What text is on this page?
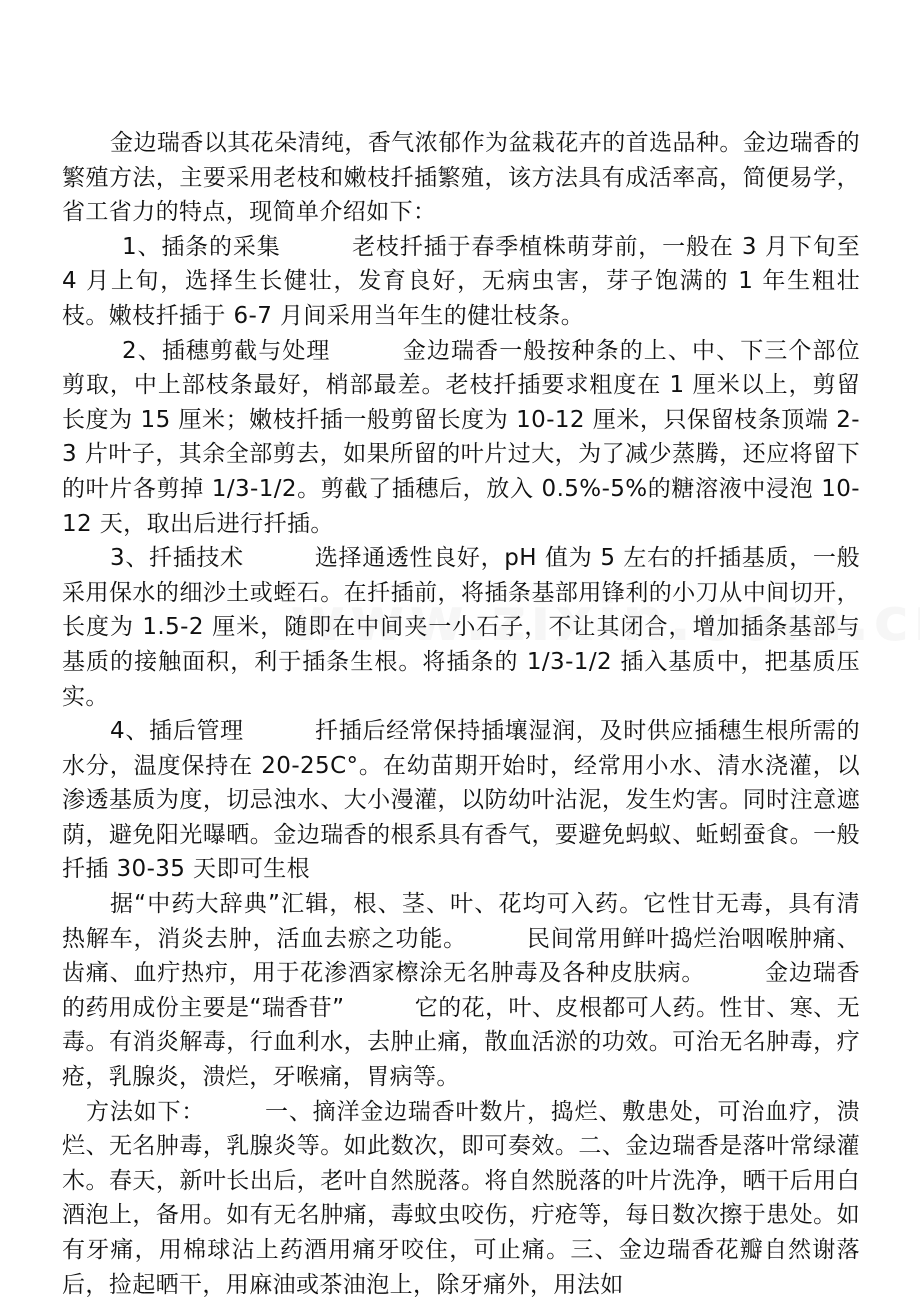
金边瑞香以其花朵清纯，香气浓郁作为盆栽花卉的首选品种。金边瑞香的繁殖方法，主要采用老枝和嫩枝扦插繁殖，该方法具有成活率高，简便易学，省工省力的特点，现简单介绍如下：

1、插条的采集　　　老枝扦插于春季植株萌芽前，一般在 3 月下旬至 4 月上旬，选择生长健壮，发育良好，无病虫害，芽子饱满的 1 年生粗壮枝。嫩枝扦插于 6-7 月间采用当年生的健壮枝条。

2、插穗剪截与处理　　　金边瑞香一般按种条的上、中、下三个部位剪取，中上部枝条最好，梢部最差。老枝扦插要求粗度在 1 厘米以上，剪留长度为 15 厘米；嫩枝扦插一般剪留长度为 10-12 厘米，只保留枝条顶端 2-3 片叶子，其余全部剪去，如果所留的叶片过大，为了减少蒸腾，还应将留下的叶片各剪掉 1/3-1/2。剪截了插穗后，放入 0.5%-5%的糖溶液中浸泡 10-12 天，取出后进行扦插。

3、扦插技术　　　选择通透性良好，pH 值为 5 左右的扦插基质，一般采用保水的细沙土或蛭石。在扦插前，将插条基部用锋利的小刀从中间切开，长度为 1.5-2 厘米，随即在中间夹一小石子，不让其闭合，增加插条基部与基质的接触面积，利于插条生根。将插条的 1/3-1/2 插入基质中，把基质压实。

4、插后管理　　　扦插后经常保持插壤湿润，及时供应插穗生根所需的水分，温度保持在 20-25C°。在幼苗期开始时，经常用小水、清水浇灌，以渗透基质为度，切忌浊水、大小漫灌，以防幼叶沾泥，发生灼害。同时注意遮荫，避免阳光曝晒。金边瑞香的根系具有香气，要避免蚂蚁、蚯蚓蚕食。一般扦插 30-35 天即可生根

据“中药大辞典”汇辑，根、茎、叶、花均可入药。它性甘无毒，具有清热解车，消炎去肿，活血去瘀之功能。　　　民间常用鲜叶捣烂治咽喉肿痛、齿痛、血疔热疖，用于花渗酒家檫涂无名肿毒及各种皮肤病。　　　金边瑞香的药用成份主要是“瑞香苷”　　　它的花，叶、皮根都可人药。性甘、寒、无毒。有消炎解毒，行血利水，去肿止痛，散血活淤的功效。可治无名肿毒，疗疮，乳腺炎，溃烂，牙喉痛，胃病等。

方法如下：　　　一、摘洋金边瑞香叶数片，捣烂、敷患处，可治血疗，溃烂、无名肿毒，乳腺炎等。如此数次，即可奏效。二、金边瑞香是落叶常绿灌木。春天，新叶长出后，老叶自然脱落。将自然脱落的叶片洗净，晒干后用白酒泡上，备用。如有无名肿痛，毒蚊虫咬伤，疔疮等，每日数次擦于患处。如有牙痛，用棉球沾上药酒用痛牙咬住，可止痛。三、金边瑞香花瓣自然谢落后，捡起晒干，用麻油或茶油泡上，除牙痛外，用法如
